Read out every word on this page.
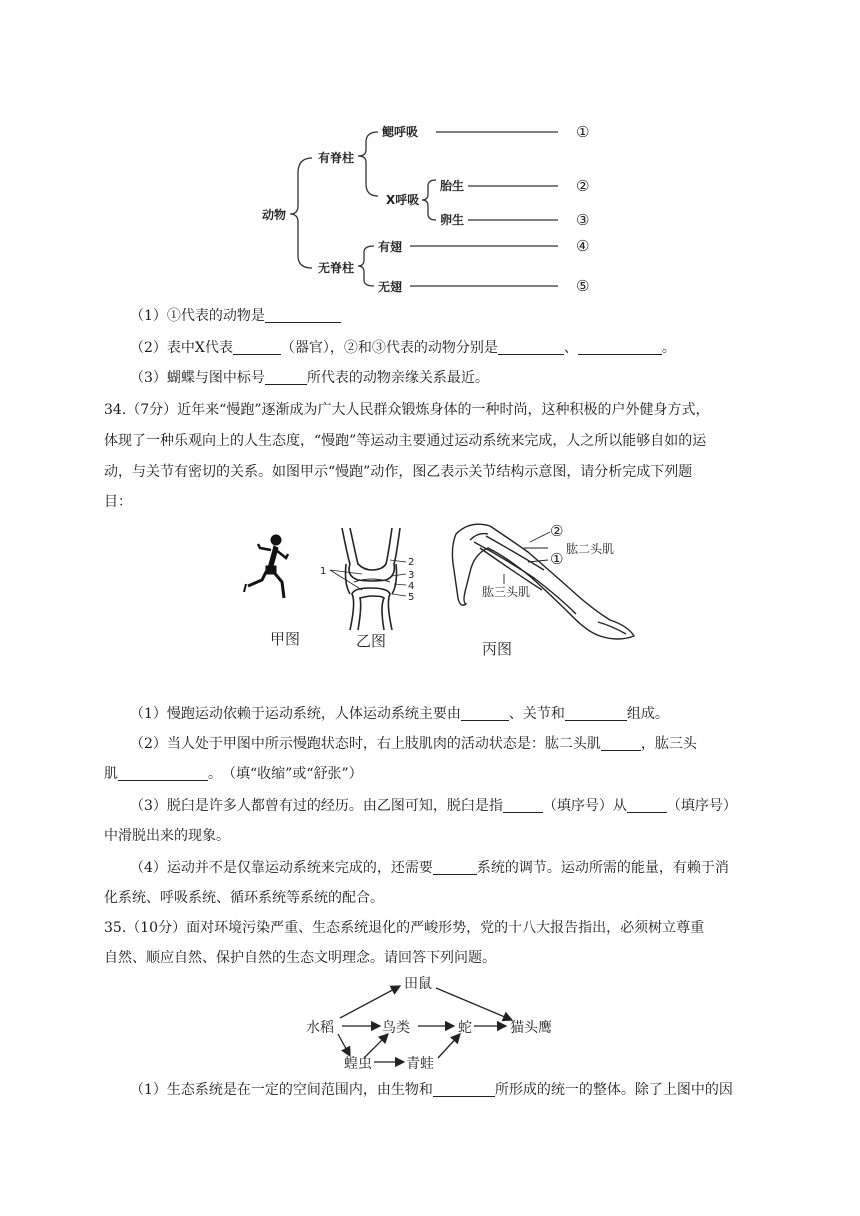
动物
有脊柱
无脊柱
鳃呼吸
X呼吸
胎生
卵生
有翅
无翅
①
②
③
④
⑤
（1）①代表的动物是
（2）表中X代表	（器官），②和③代表的动物分别是	、	。
（3）蝴蝶与图中标号	所代表的动物亲缘关系最近。
34.（7分）近年来“慢跑”逐渐成为广大人民群众锻炼身体的一种时尚，这种积极的户外健身方式，
体现了一种乐观向上的人生态度，“慢跑”等运动主要通过运动系统来完成，人之所以能够自如的运
动，与关节有密切的关系。如图甲示“慢跑”动作，图乙表示关节结构示意图，请分析完成下列题
目：
甲图
1
2
3
4
5
乙图
②
肱二头肌
①
肱三头肌
丙图
（1）慢跑运动依赖于运动系统，人体运动系统主要由	、关节和	组成。
（2）当人处于甲图中所示慢跑状态时，右上肢肌肉的活动状态是：肱二头肌	，肱三头
肌	。　（填“收缩”或“舒张”）
（3）脱臼是许多人都曾有过的经历。由乙图可知，脱臼是指	（填序号）从	（填序号）
中滑脱出来的现象。
（4）运动并不是仅靠运动系统来完成的，还需要	系统的调节。运动所需的能量，有赖于消
化系统、呼吸系统、循环系统等系统的配合。
35.（10分）面对环境污染严重、生态系统退化的严峻形势，党的十八大报告指出，必须树立尊重
自然、顺应自然、保护自然的生态文明理念。请回答下列问题。
田鼠
水稻	鸟类	蛇	猫头鹰
蝗虫 青蛙
（1）生态系统是在一定的空间范围内，由生物和	所形成的统一的整体。除了上图中的因
